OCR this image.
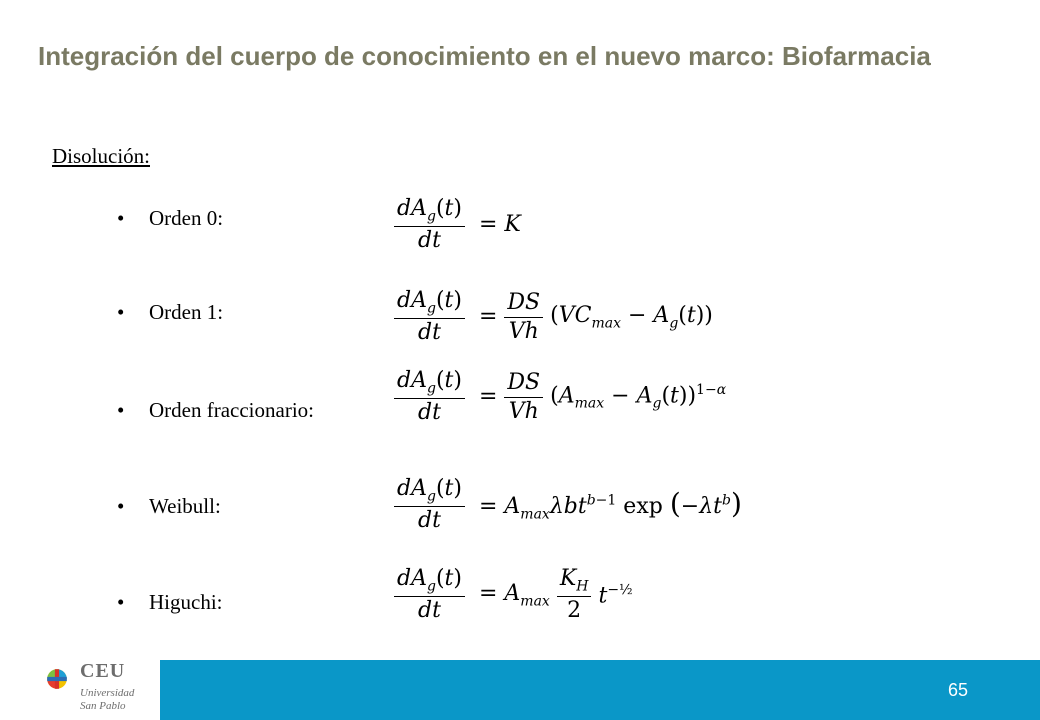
Integración del cuerpo de conocimiento en el nuevo marco: Biofarmacia
Disolución:
• Orden 0:
• Orden 1:
• Orden fraccionario:
• Weibull:
• Higuchi:
$\frac{dA_g(t)}{dt} = K$
$\frac{dA_g(t)}{dt} = \frac{DS}{Vh} (VC_{max} - A_g(t))$
$\frac{dA_g(t)}{dt} = \frac{DS}{Vh} (A_{max} - A_g(t))^{1-\alpha}$
$\frac{dA_g(t)}{dt} = A_{max}\lambda bt^{b-1}$ $\exp (-\lambda t^b)$
$\frac{dA_g(t)}{dt} = A_{max} \frac{K_H}{2} t^{-\frac{1}{2}}$
65
CEU
Universidad
San Pablo
